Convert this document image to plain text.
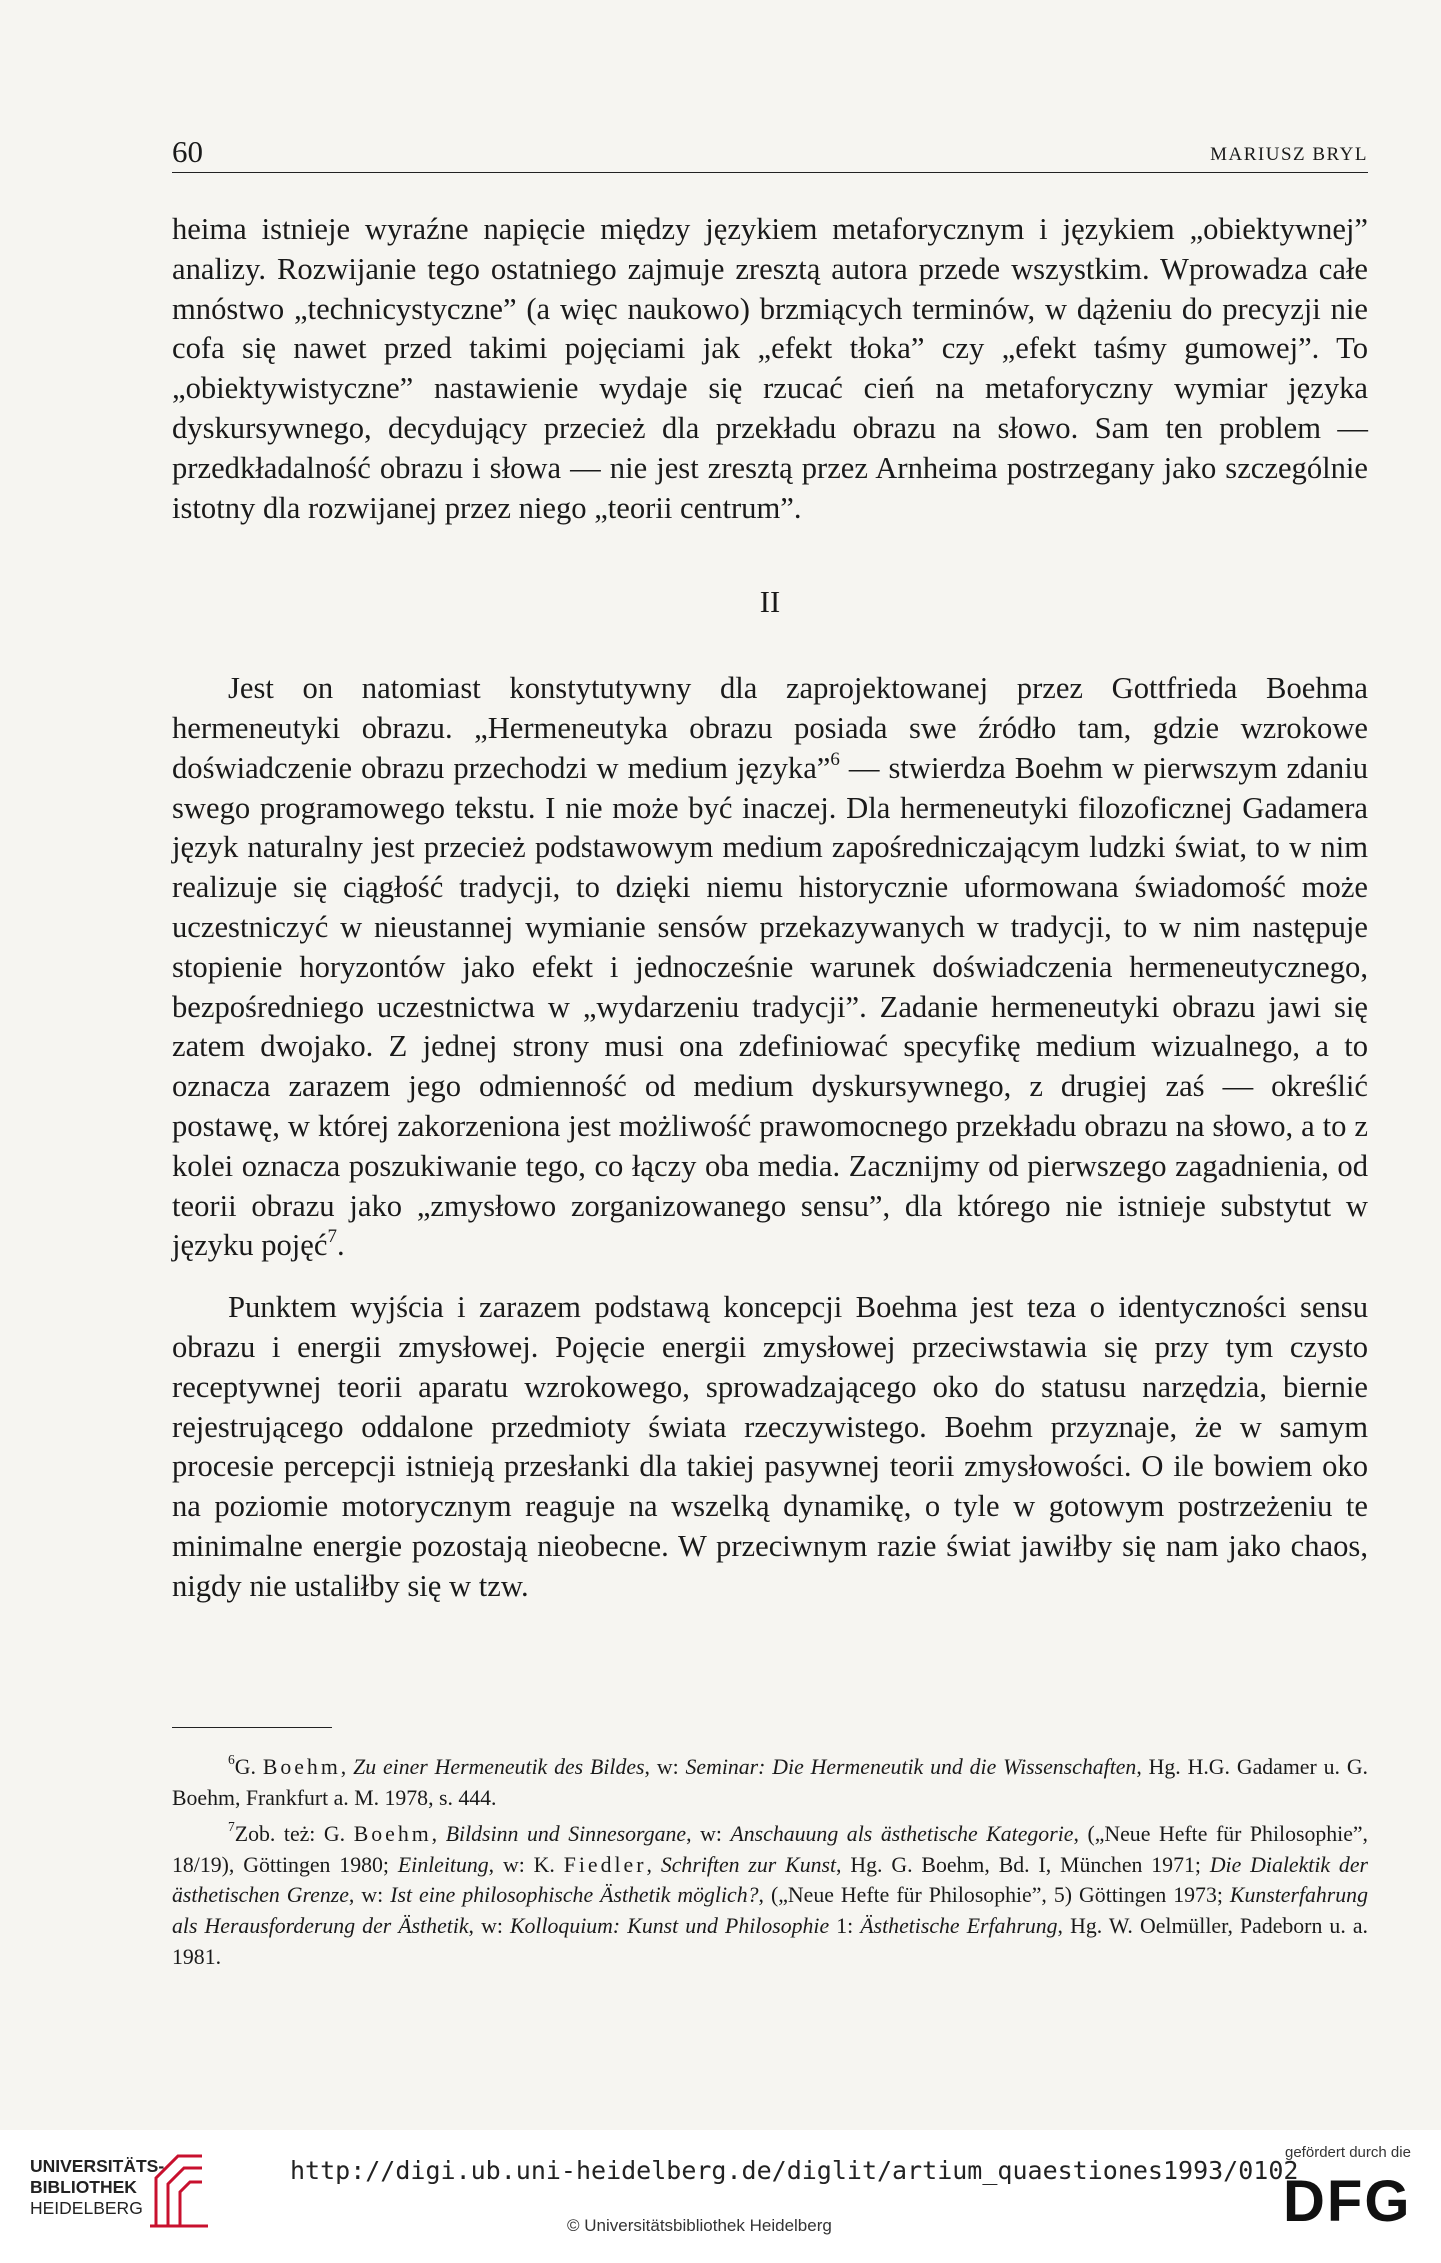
60	MARIUSZ BRYL

heima istnieje wyraźne napięcie między językiem metaforycznym i językiem „obiektywnej” analizy. Rozwijanie tego ostatniego zajmuje zresztą autora przede wszystkim. Wprowadza całe mnóstwo „technicystyczne” (a więc naukowo) brzmiących terminów, w dążeniu do precyzji nie cofa się nawet przed takimi pojęciami jak „efekt tłoka” czy „efekt taśmy gumowej”. To „obiektywistyczne” nastawienie wydaje się rzucać cień na metaforyczny wymiar języka dyskursywnego, decydujący przecież dla przekładu obrazu na słowo. Sam ten problem — przedkładalność obrazu i słowa — nie jest zresztą przez Arnheima postrzegany jako szczególnie istotny dla rozwijanej przez niego „teorii centrum”.

II

Jest on natomiast konstytutywny dla zaprojektowanej przez Gottfrieda Boehma hermeneutyki obrazu. „Hermeneutyka obrazu posiada swe źródło tam, gdzie wzrokowe doświadczenie obrazu przechodzi w medium języka”$^6$ — stwierdza Boehm w pierwszym zdaniu swego programowego tekstu. I nie może być inaczej. Dla hermeneutyki filozoficznej Gadamera język naturalny jest przecież podstawowym medium zapośredniczającym ludzki świat, to w nim realizuje się ciągłość tradycji, to dzięki niemu historycznie uformowana świadomość może uczestniczyć w nieustannej wymianie sensów przekazywanych w tradycji, to w nim następuje stopienie horyzontów jako efekt i jednocześnie warunek doświadczenia hermeneutycznego, bezpośredniego uczestnictwa w „wydarzeniu tradycji”. Zadanie hermeneutyki obrazu jawi się zatem dwojako. Z jednej strony musi ona zdefiniować specyfikę medium wizualnego, a to oznacza zarazem jego odmienność od medium dyskursywnego, z drugiej zaś — określić postawę, w której zakorzeniona jest możliwość prawomocnego przekładu obrazu na słowo, a to z kolei oznacza poszukiwanie tego, co łączy oba media. Zacznijmy od pierwszego zagadnienia, od teorii obrazu jako „zmysłowo zorganizowanego sensu”, dla którego nie istnieje substytut w języku pojęć$^7$.

Punktem wyjścia i zarazem podstawą koncepcji Boehma jest teza o identyczności sensu obrazu i energii zmysłowej. Pojęcie energii zmysłowej przeciwstawia się przy tym czysto receptywnej teorii aparatu wzrokowego, sprowadzającego oko do statusu narzędzia, biernie rejestrującego oddalone przedmioty świata rzeczywistego. Boehm przyznaje, że w samym procesie percepcji istnieją przesłanki dla takiej pasywnej teorii zmysłowości. O ile bowiem oko na poziomie motorycznym reaguje na wszelką dynamikę, o tyle w gotowym postrzeżeniu te minimalne energie pozostają nieobecne. W przeciwnym razie świat jawiłby się nam jako chaos, nigdy nie ustaliłby się w tzw.

$^6$G. Boehm, Zu einer Hermeneutik des Bildes, w: Seminar: Die Hermeneutik und die Wissenschaften, Hg. H.G. Gadamer u. G. Boehm, Frankfurt a. M. 1978, s. 444.

$^7$Zob. też: G. Boehm, Bildsinn und Sinnesorgane, w: Anschauung als ästhetische Kategorie, („Neue Hefte für Philosophie”, 18/19), Göttingen 1980; Einleitung, w: K. Fiedler, Schriften zur Kunst, Hg. G. Boehm, Bd. I, München 1971; Die Dialektik der ästhetischen Grenze, w: Ist eine philosophische Ästhetik möglich?, („Neue Hefte für Philosophie”, 5) Göttingen 1973; Kunsterfahrung als Herausforderung der Ästhetik, w: Kolloquium: Kunst und Philosophie 1: Ästhetische Erfahrung, Hg. W. Oelmüller, Padeborn u. a. 1981.

UNIVERSITÄTS-
BIBLIOTHEK
HEIDELBERG
http://digi.ub.uni-heidelberg.de/diglit/artium_quaestiones1993/0102
© Universitätsbibliothek Heidelberg
gefördert durch die
DFG
